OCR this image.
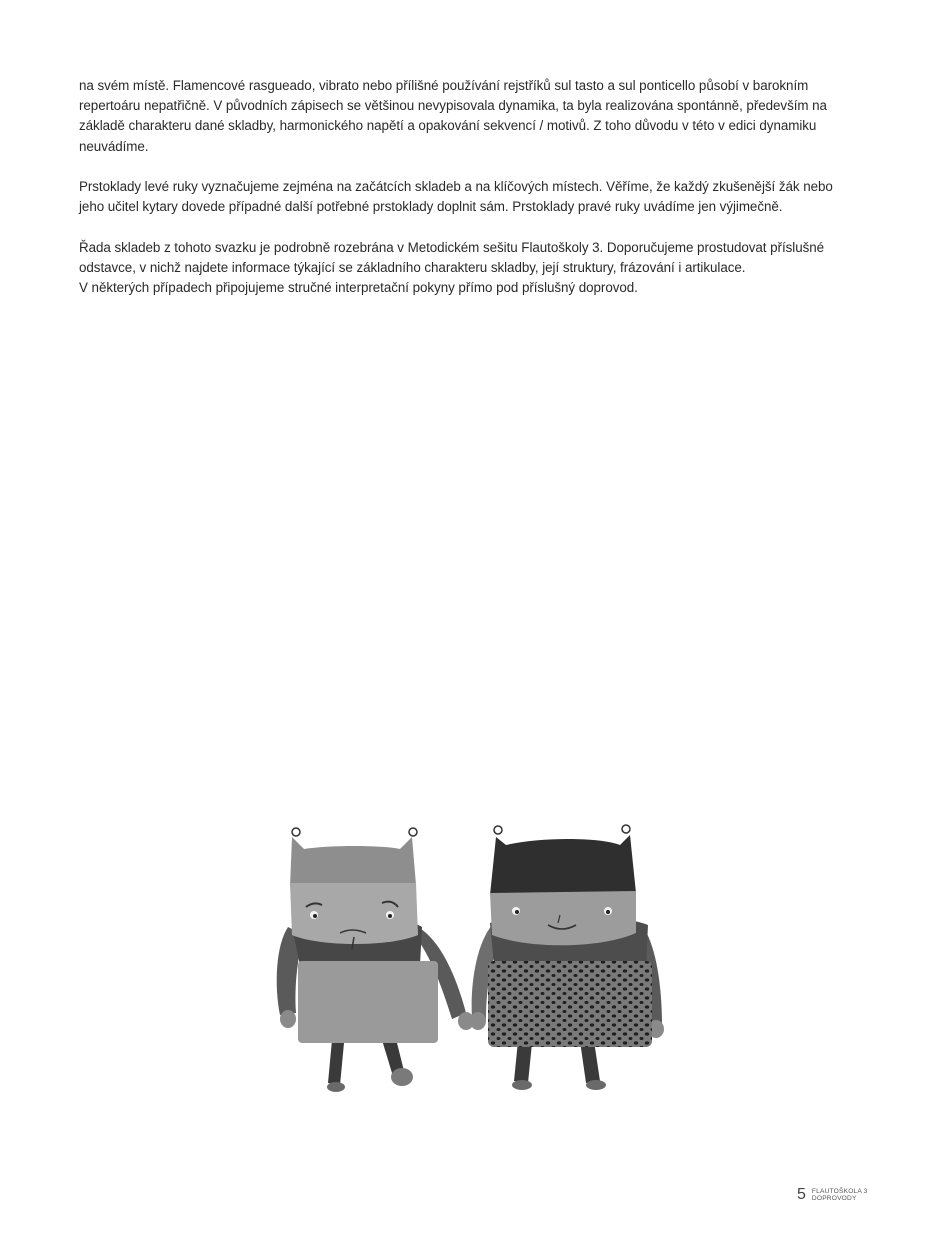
na svém místě. Flamencové rasgueado, vibrato nebo přílišné používání rejstříků sul tasto a sul ponticello působí v barokním
repertoáru nepatřičně. V původních zápisech se většinou nevypisovala dynamika, ta byla realizována spontánně, především na
základě charakteru dané skladby, harmonického napětí a opakování sekvencí / motivů. Z toho důvodu v této v edici dynamiku
neuvádíme.

Prstoklady levé ruky vyznačujeme zejména na začátcích skladeb a na klíčových místech. Věříme, že každý zkušenější žák nebo
jeho učitel kytary dovede případné další potřebné prstoklady doplnit sám. Prstoklady pravé ruky uvádíme jen výjimečně.

Řada skladeb z tohoto svazku je podrobně rozebrána v Metodickém sešitu Flautoškoly 3. Doporučujeme prostudovat příslušné
odstavce, v nichž najdete informace týkající se základního charakteru skladby, její struktury, frázování i artikulace.
V některých případech připojujeme stručné interpretační pokyny přímo pod příslušný doprovod.

5 FLAUTOŠKOLA 3
DOPROVODY
